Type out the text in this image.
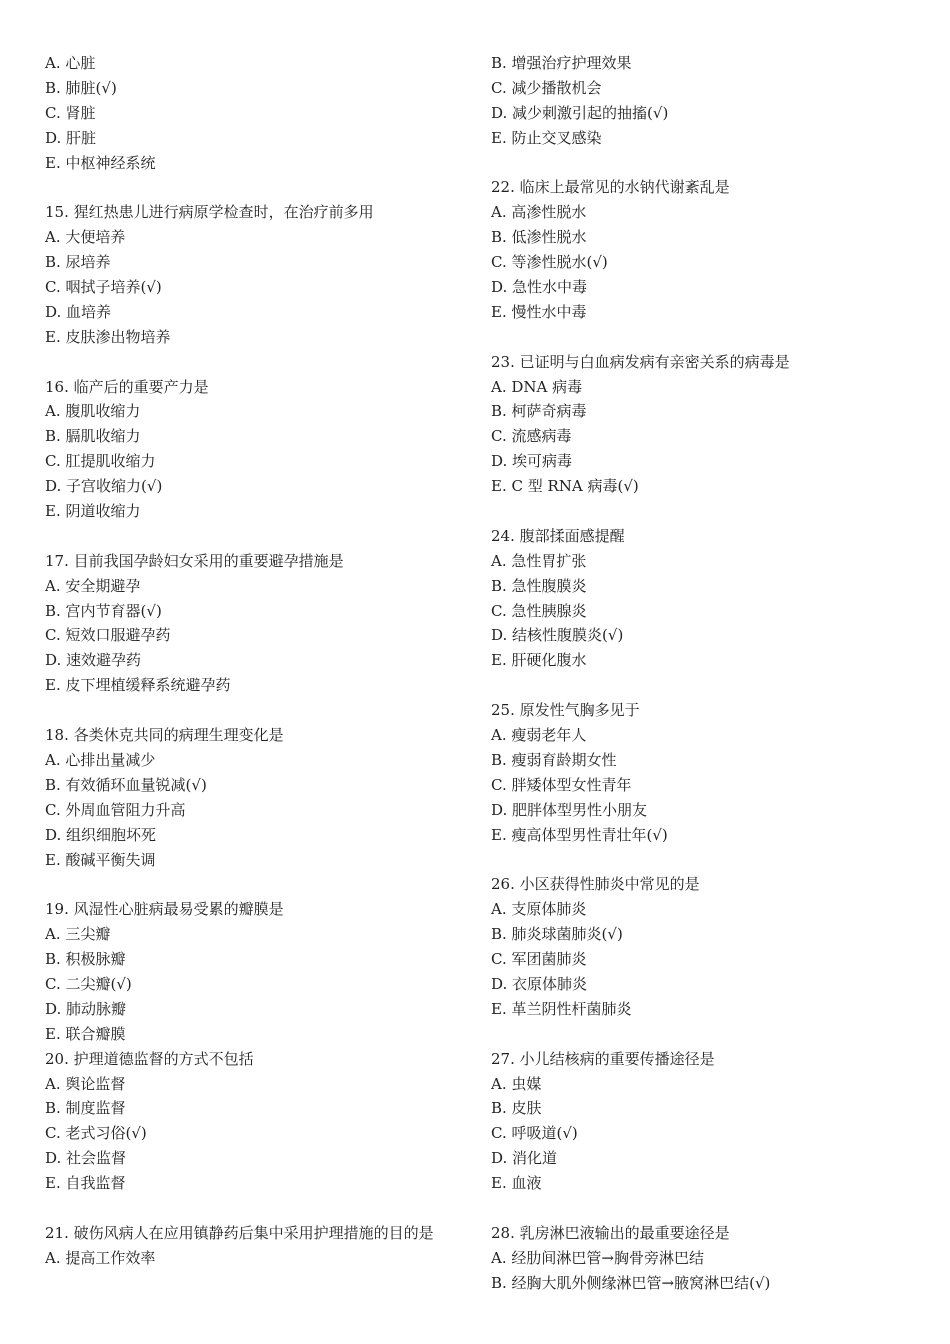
A. 心脏
B. 肺脏(√)
C. 肾脏
D. 肝脏
E. 中枢神经系统
15. 猩红热患儿进行病原学检查时，在治疗前多用
A. 大便培养
B. 尿培养
C. 咽拭子培养(√)
D. 血培养
E. 皮肤渗出物培养
16. 临产后的重要产力是
A. 腹肌收缩力
B. 膈肌收缩力
C. 肛提肌收缩力
D. 子宫收缩力(√)
E. 阴道收缩力
17. 目前我国孕龄妇女采用的重要避孕措施是
A. 安全期避孕
B. 宫内节育器(√)
C. 短效口服避孕药
D. 速效避孕药
E. 皮下埋植缓释系统避孕药
18. 各类休克共同的病理生理变化是
A. 心排出量减少
B. 有效循环血量锐减(√)
C. 外周血管阻力升高
D. 组织细胞坏死
E. 酸碱平衡失调
19. 风湿性心脏病最易受累的瓣膜是
A. 三尖瓣
B. 积极脉瓣
C. 二尖瓣(√)
D. 肺动脉瓣
E. 联合瓣膜
20. 护理道德监督的方式不包括
A. 舆论监督
B. 制度监督
C. 老式习俗(√)
D. 社会监督
E. 自我监督
21. 破伤风病人在应用镇静药后集中采用护理措施的目的是
A. 提高工作效率
B. 增强治疗护理效果
C. 减少播散机会
D. 减少刺激引起的抽搐(√)
E. 防止交叉感染
22. 临床上最常见的水钠代谢紊乱是
A. 高渗性脱水
B. 低渗性脱水
C. 等渗性脱水(√)
D. 急性水中毒
E. 慢性水中毒
23. 已证明与白血病发病有亲密关系的病毒是
A. DNA 病毒
B. 柯萨奇病毒
C. 流感病毒
D. 埃可病毒
E. C 型 RNA 病毒(√)
24. 腹部揉面感提醒
A. 急性胃扩张
B. 急性腹膜炎
C. 急性胰腺炎
D. 结核性腹膜炎(√)
E. 肝硬化腹水
25. 原发性气胸多见于
A. 瘦弱老年人
B. 瘦弱育龄期女性
C. 胖矮体型女性青年
D. 肥胖体型男性小朋友
E. 瘦高体型男性青壮年(√)
26. 小区获得性肺炎中常见的是
A. 支原体肺炎
B. 肺炎球菌肺炎(√)
C. 军团菌肺炎
D. 衣原体肺炎
E. 革兰阴性杆菌肺炎
27. 小儿结核病的重要传播途径是
A. 虫媒
B. 皮肤
C. 呼吸道(√)
D. 消化道
E. 血液
28. 乳房淋巴液输出的最重要途径是
A. 经肋间淋巴管→胸骨旁淋巴结
B. 经胸大肌外侧缘淋巴管→腋窝淋巴结(√)
